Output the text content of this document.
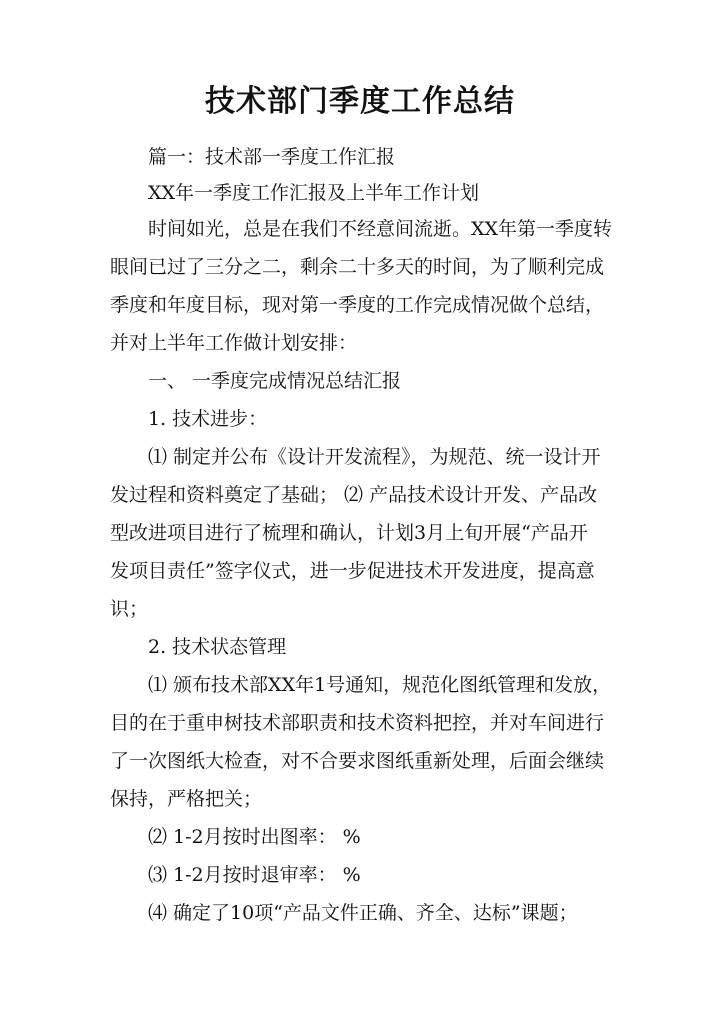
技术部门季度工作总结
篇一：技术部一季度工作汇报
XX年一季度工作汇报及上半年工作计划
时间如光，总是在我们不经意间流逝。XX年第一季度转
眼间已过了三分之二，剩余二十多天的时间，为了顺利完成
季度和年度目标，现对第一季度的工作完成情况做个总结，
并对上半年工作做计划安排：
一、 一季度完成情况总结汇报
1. 技术进步：
⑴ 制定并公布《设计开发流程》，为规范、统一设计开
发过程和资料奠定了基础； ⑵ 产品技术设计开发、产品改
型改进项目进行了梳理和确认，计划3月上旬开展“产品开
发项目责任”签字仪式，进一步促进技术开发进度，提高意
识；
2. 技术状态管理
⑴ 颁布技术部XX年1号通知，规范化图纸管理和发放，
目的在于重申树技术部职责和技术资料把控，并对车间进行
了一次图纸大检查，对不合要求图纸重新处理，后面会继续
保持，严格把关；
⑵ 1-2月按时出图率： %
⑶ 1-2月按时退审率： %
⑷ 确定了10项“产品文件正确、齐全、达标”课题；
